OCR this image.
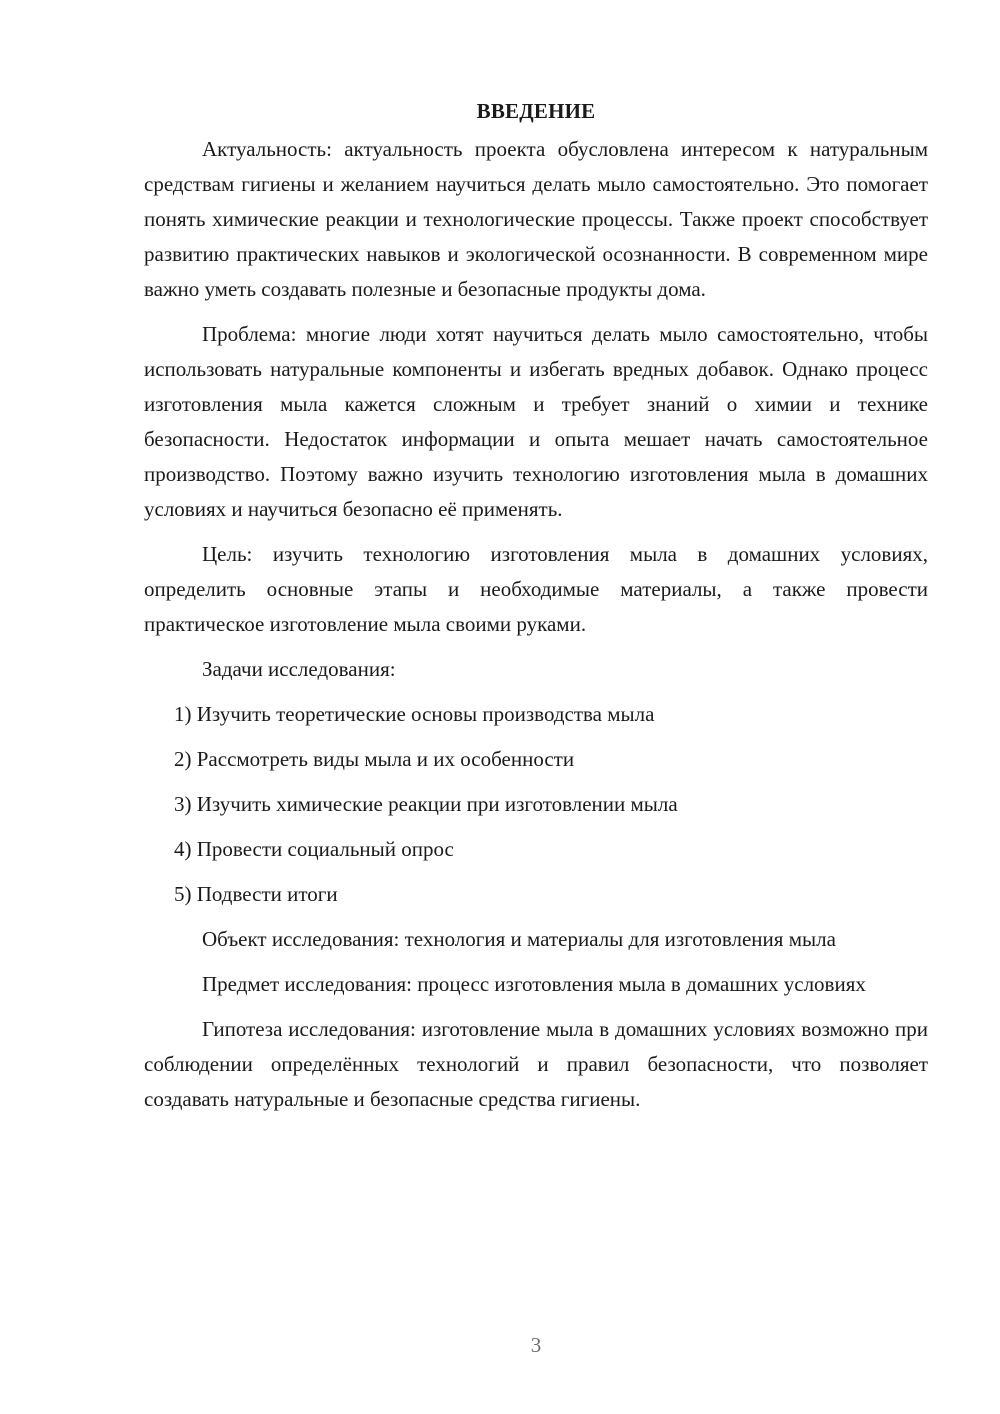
ВВЕДЕНИЕ

Актуальность: актуальность проекта обусловлена интересом к натуральным средствам гигиены и желанием научиться делать мыло самостоятельно. Это помогает понять химические реакции и технологические процессы. Также проект способствует развитию практических навыков и экологической осознанности. В современном мире важно уметь создавать полезные и безопасные продукты дома.

Проблема: многие люди хотят научиться делать мыло самостоятельно, чтобы использовать натуральные компоненты и избегать вредных добавок. Однако процесс изготовления мыла кажется сложным и требует знаний о химии и технике безопасности. Недостаток информации и опыта мешает начать самостоятельное производство. Поэтому важно изучить технологию изготовления мыла в домашних условиях и научиться безопасно её применять.

Цель: изучить технологию изготовления мыла в домашних условиях, определить основные этапы и необходимые материалы, а также провести практическое изготовление мыла своими руками.

Задачи исследования:

1) Изучить теоретические основы производства мыла
2) Рассмотреть виды мыла и их особенности
3) Изучить химические реакции при изготовлении мыла
4) Провести социальный опрос
5) Подвести итоги

Объект исследования: технология и материалы для изготовления мыла

Предмет исследования: процесс изготовления мыла в домашних условиях

Гипотеза исследования: изготовление мыла в домашних условиях возможно при соблюдении определённых технологий и правил безопасности, что позволяет создавать натуральные и безопасные средства гигиены.

3
